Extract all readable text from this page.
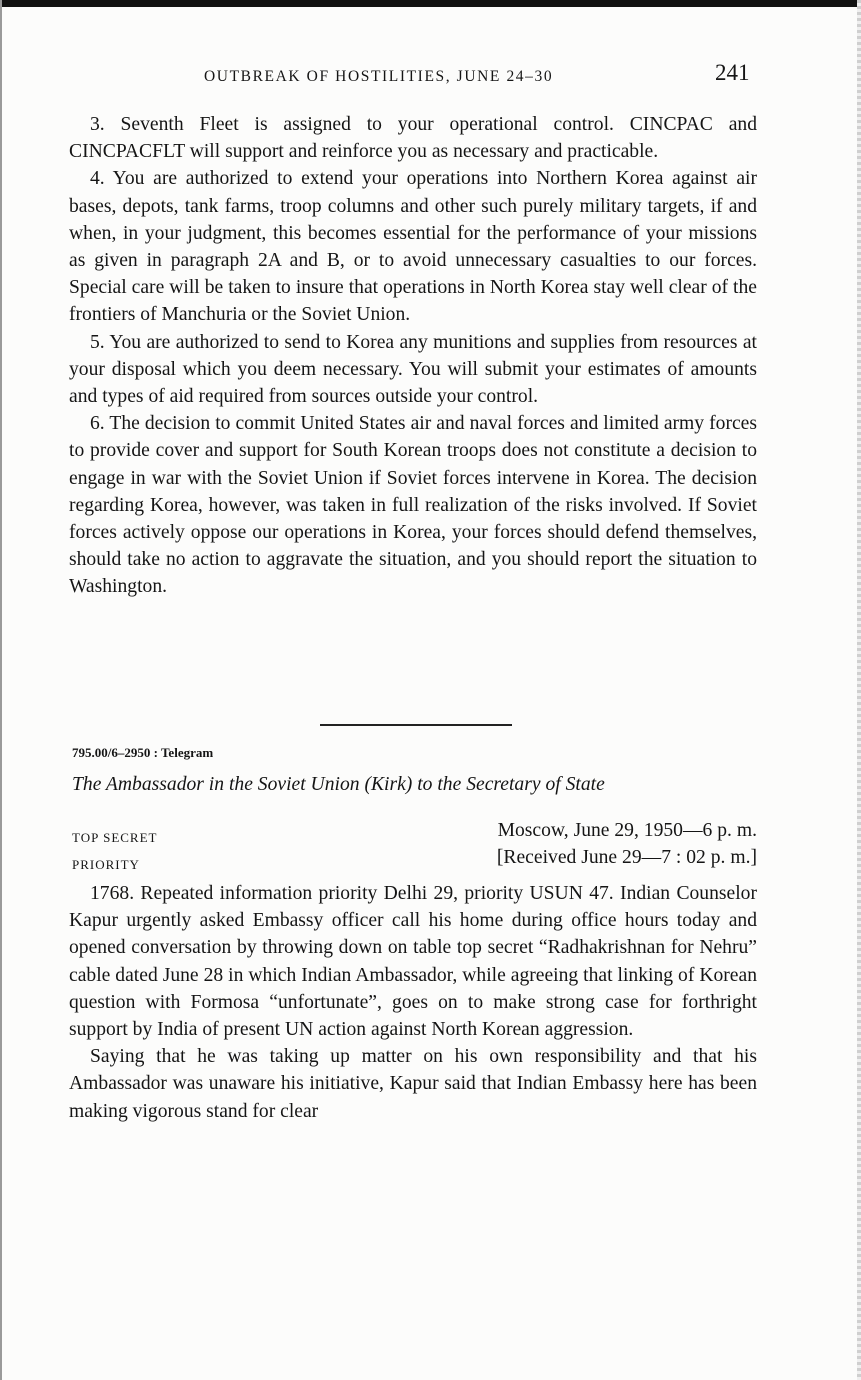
OUTBREAK OF HOSTILITIES, JUNE 24–30	241

3. Seventh Fleet is assigned to your operational control. CINCPAC and CINCPACFLT will support and reinforce you as necessary and practicable.

4. You are authorized to extend your operations into Northern Korea against air bases, depots, tank farms, troop columns and other such purely military targets, if and when, in your judgment, this becomes essential for the performance of your missions as given in paragraph 2A and B, or to avoid unnecessary casualties to our forces. Special care will be taken to insure that operations in North Korea stay well clear of the frontiers of Manchuria or the Soviet Union.

5. You are authorized to send to Korea any munitions and supplies from resources at your disposal which you deem necessary. You will submit your estimates of amounts and types of aid required from sources outside your control.

6. The decision to commit United States air and naval forces and limited army forces to provide cover and support for South Korean troops does not constitute a decision to engage in war with the Soviet Union if Soviet forces intervene in Korea. The decision regarding Korea, however, was taken in full realization of the risks involved. If Soviet forces actively oppose our operations in Korea, your forces should defend themselves, should take no action to aggravate the situation, and you should report the situation to Washington.

795.00/6–2950 : Telegram
The Ambassador in the Soviet Union (Kirk) to the Secretary of State
TOP SECRET
PRIORITY
Moscow, June 29, 1950—6 p. m.
[Received June 29—7 : 02 p. m.]

1768. Repeated information priority Delhi 29, priority USUN 47. Indian Counselor Kapur urgently asked Embassy officer call his home during office hours today and opened conversation by throwing down on table top secret “Radhakrishnan for Nehru” cable dated June 28 in which Indian Ambassador, while agreeing that linking of Korean question with Formosa “unfortunate”, goes on to make strong case for forthright support by India of present UN action against North Korean aggression.

Saying that he was taking up matter on his own responsibility and that his Ambassador was unaware his initiative, Kapur said that Indian Embassy here has been making vigorous stand for clear
